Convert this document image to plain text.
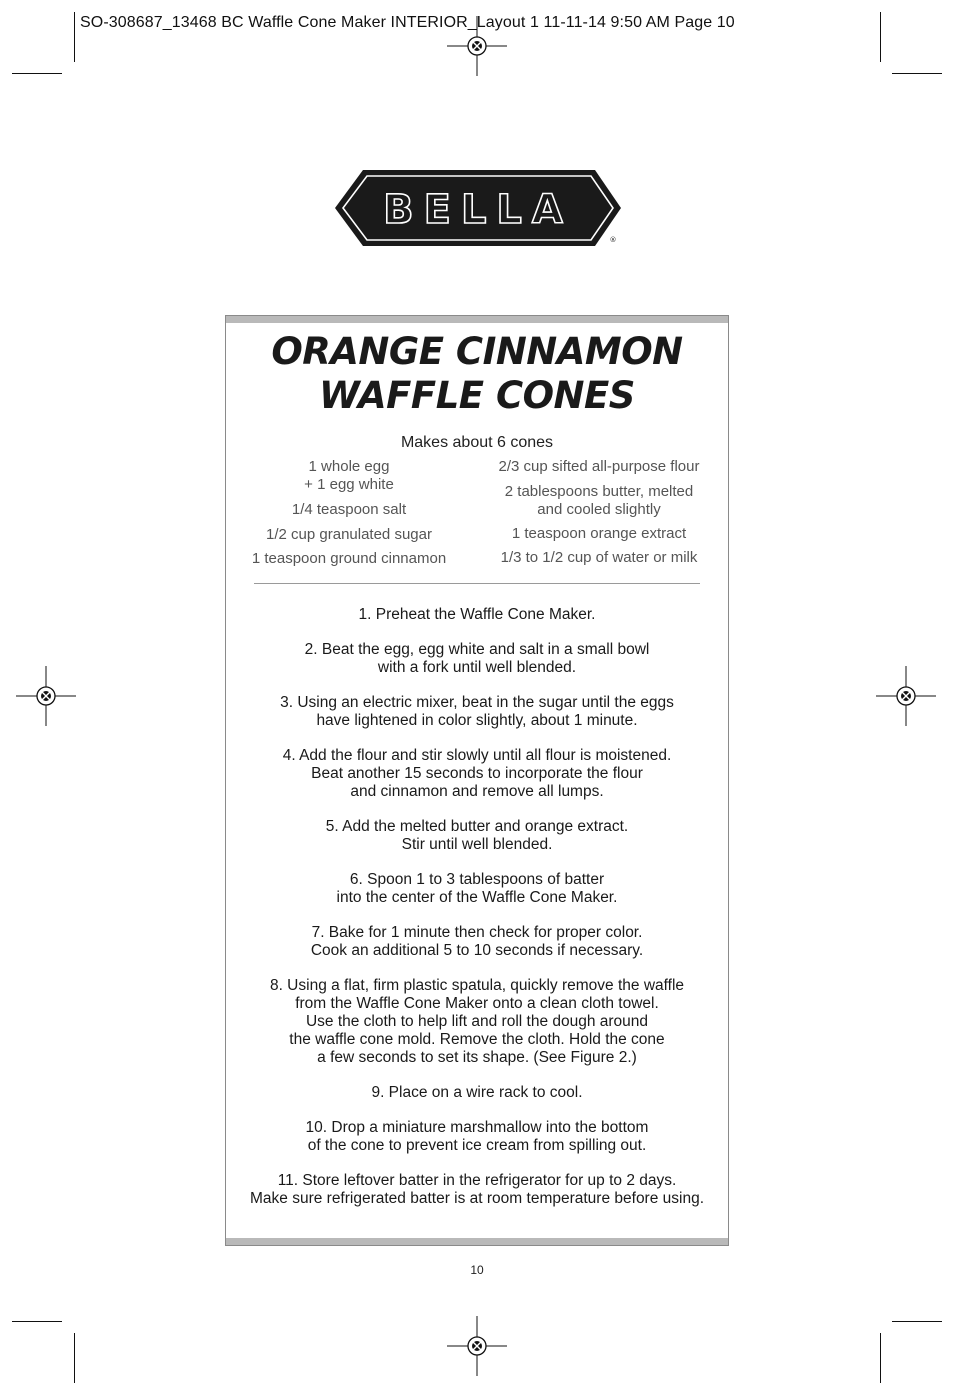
SO-308687_13468 BC Waffle Cone Maker INTERIOR_Layout 1 11-11-14 9:50 AM Page 10
BELLA
®
ORANGE CINNAMON
WAFFLE CONES
Makes about 6 cones
1 whole egg
+ 1 egg white
1/4 teaspoon salt
1/2 cup granulated sugar
1 teaspoon ground cinnamon
2/3 cup sifted all-purpose flour
2 tablespoons butter, melted
and cooled slightly
1 teaspoon orange extract
1/3 to 1/2 cup of water or milk
1. Preheat the Waffle Cone Maker.
2. Beat the egg, egg white and salt in a small bowl
with a fork until well blended.
3. Using an electric mixer, beat in the sugar until the eggs
have lightened in color slightly, about 1 minute.
4. Add the flour and stir slowly until all flour is moistened.
Beat another 15 seconds to incorporate the flour
and cinnamon and remove all lumps.
5. Add the melted butter and orange extract.
Stir until well blended.
6. Spoon 1 to 3 tablespoons of batter
into the center of the Waffle Cone Maker.
7. Bake for 1 minute then check for proper color.
Cook an additional 5 to 10 seconds if necessary.
8. Using a flat, firm plastic spatula, quickly remove the waffle
from the Waffle Cone Maker onto a clean cloth towel.
Use the cloth to help lift and roll the dough around
the waffle cone mold. Remove the cloth. Hold the cone
a few seconds to set its shape. (See Figure 2.)
9. Place on a wire rack to cool.
10. Drop a miniature marshmallow into the bottom
of the cone to prevent ice cream from spilling out.
11. Store leftover batter in the refrigerator for up to 2 days.
Make sure refrigerated batter is at room temperature before using.
10
